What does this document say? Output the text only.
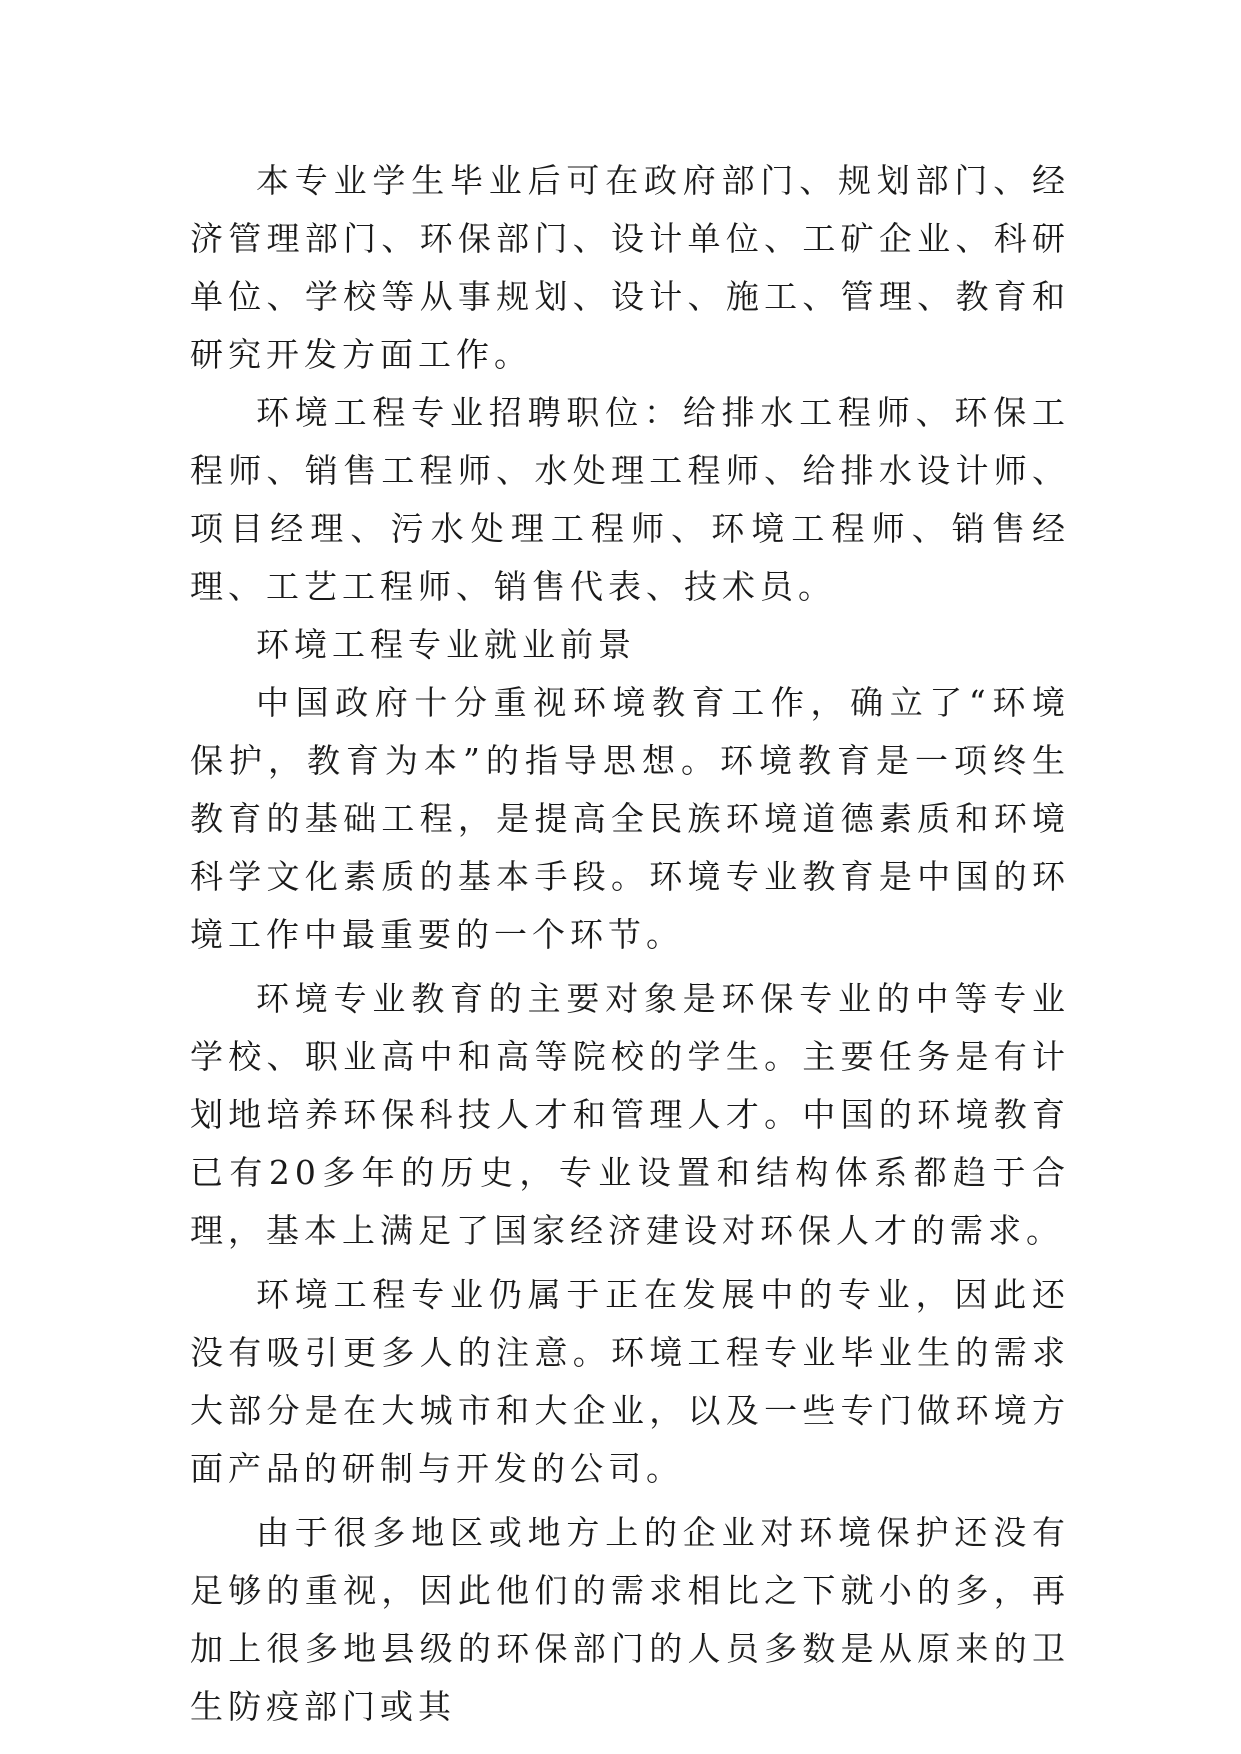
本专业学生毕业后可在政府部门、规划部门、经济管理部门、环保部门、设计单位、工矿企业、科研单位、学校等从事规划、设计、施工、管理、教育和研究开发方面工作。

环境工程专业招聘职位：给排水工程师、环保工程师、销售工程师、水处理工程师、给排水设计师、项目经理、污水处理工程师、环境工程师、销售经理、工艺工程师、销售代表、技术员。

环境工程专业就业前景

中国政府十分重视环境教育工作，确立了“环境保护，教育为本”的指导思想。环境教育是一项终生教育的基础工程，是提高全民族环境道德素质和环境科学文化素质的基本手段。环境专业教育是中国的环境工作中最重要的一个环节。

环境专业教育的主要对象是环保专业的中等专业学校、职业高中和高等院校的学生。主要任务是有计划地培养环保科技人才和管理人才。中国的环境教育已有20多年的历史，专业设置和结构体系都趋于合理，基本上满足了国家经济建设对环保人才的需求。

环境工程专业仍属于正在发展中的专业，因此还没有吸引更多人的注意。环境工程专业毕业生的需求大部分是在大城市和大企业，以及一些专门做环境方面产品的研制与开发的公司。

由于很多地区或地方上的企业对环境保护还没有足够的重视，因此他们的需求相比之下就小的多，再加上很多地县级的环保部门的人员多数是从原来的卫生防疫部门或其
